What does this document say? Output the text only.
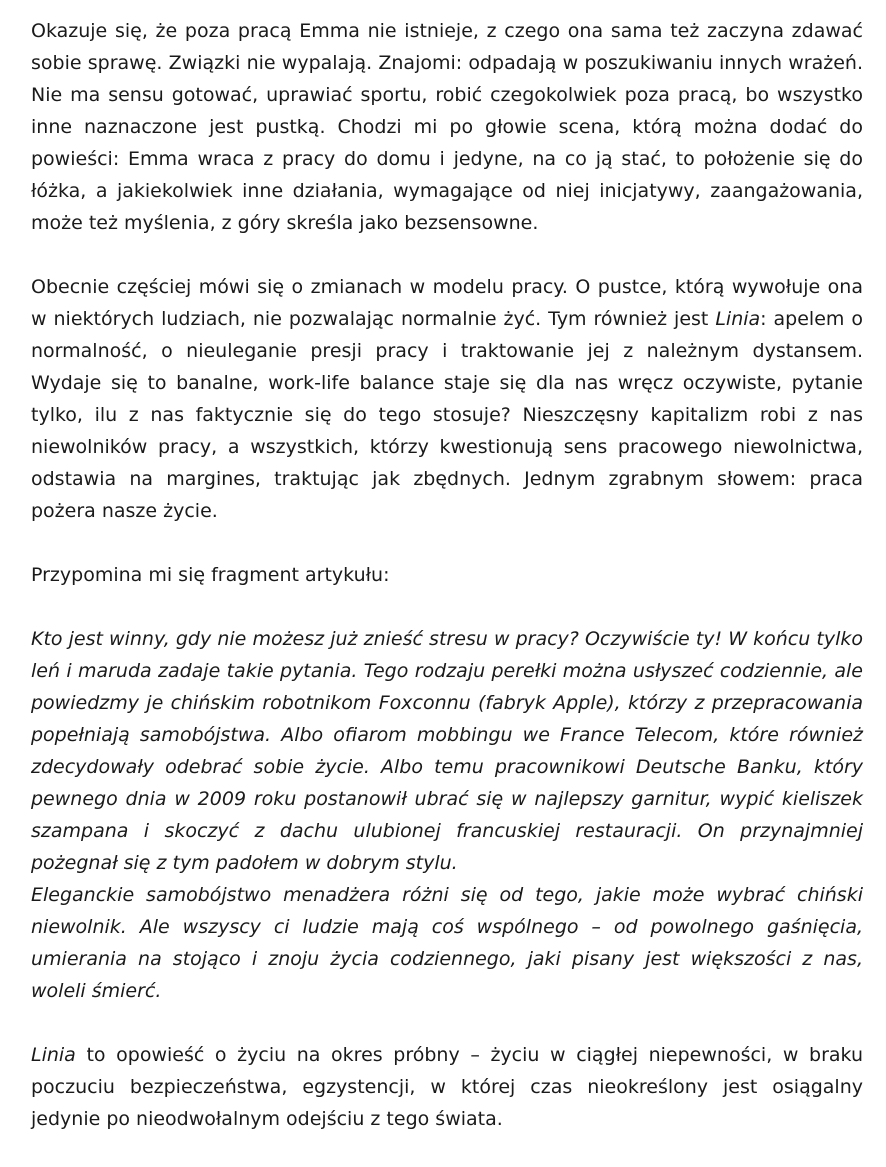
Okazuje się, że poza pracą Emma nie istnieje, z czego ona sama też zaczyna zdawać sobie sprawę. Związki nie wypalają. Znajomi: odpadają w poszukiwaniu innych wrażeń. Nie ma sensu gotować, uprawiać sportu, robić czegokolwiek poza pracą, bo wszystko inne naznaczone jest pustką. Chodzi mi po głowie scena, którą można dodać do powieści: Emma wraca z pracy do domu i jedyne, na co ją stać, to położenie się do łóżka, a jakiekolwiek inne działania, wymagające od niej inicjatywy, zaangażowania, może też myślenia, z góry skreśla jako bezsensowne.

Obecnie częściej mówi się o zmianach w modelu pracy. O pustce, którą wywołuje ona w niektórych ludziach, nie pozwalając normalnie żyć. Tym również jest Linia: apelem o normalność, o nieuleganie presji pracy i traktowanie jej z należnym dystansem. Wydaje się to banalne, work-life balance staje się dla nas wręcz oczywiste, pytanie tylko, ilu z nas faktycznie się do tego stosuje? Nieszczęsny kapitalizm robi z nas niewolników pracy, a wszystkich, którzy kwestionują sens pracowego niewolnictwa, odstawia na margines, traktując jak zbędnych. Jednym zgrabnym słowem: praca pożera nasze życie.

Przypomina mi się fragment artykułu:

Kto jest winny, gdy nie możesz już znieść stresu w pracy? Oczywiście ty! W końcu tylko leń i maruda zadaje takie pytania. Tego rodzaju perełki można usłyszeć codziennie, ale powiedzmy je chińskim robotnikom Foxconnu (fabryk Apple), którzy z przepracowania popełniają samobójstwa. Albo ofiarom mobbingu we France Telecom, które również zdecydowały odebrać sobie życie. Albo temu pracownikowi Deutsche Banku, który pewnego dnia w 2009 roku postanowił ubrać się w najlepszy garnitur, wypić kieliszek szampana i skoczyć z dachu ulubionej francuskiej restauracji. On przynajmniej pożegnał się z tym padołem w dobrym stylu.

Eleganckie samobójstwo menadżera różni się od tego, jakie może wybrać chiński niewolnik. Ale wszyscy ci ludzie mają coś wspólnego – od powolnego gaśnięcia, umierania na stojąco i znoju życia codziennego, jaki pisany jest większości z nas, woleli śmierć.

Linia to opowieść o życiu na okres próbny – życiu w ciągłej niepewności, w braku poczuciu bezpieczeństwa, egzystencji, w której czas nieokreślony jest osiągalny jedynie po nieodwołalnym odejściu z tego świata.
